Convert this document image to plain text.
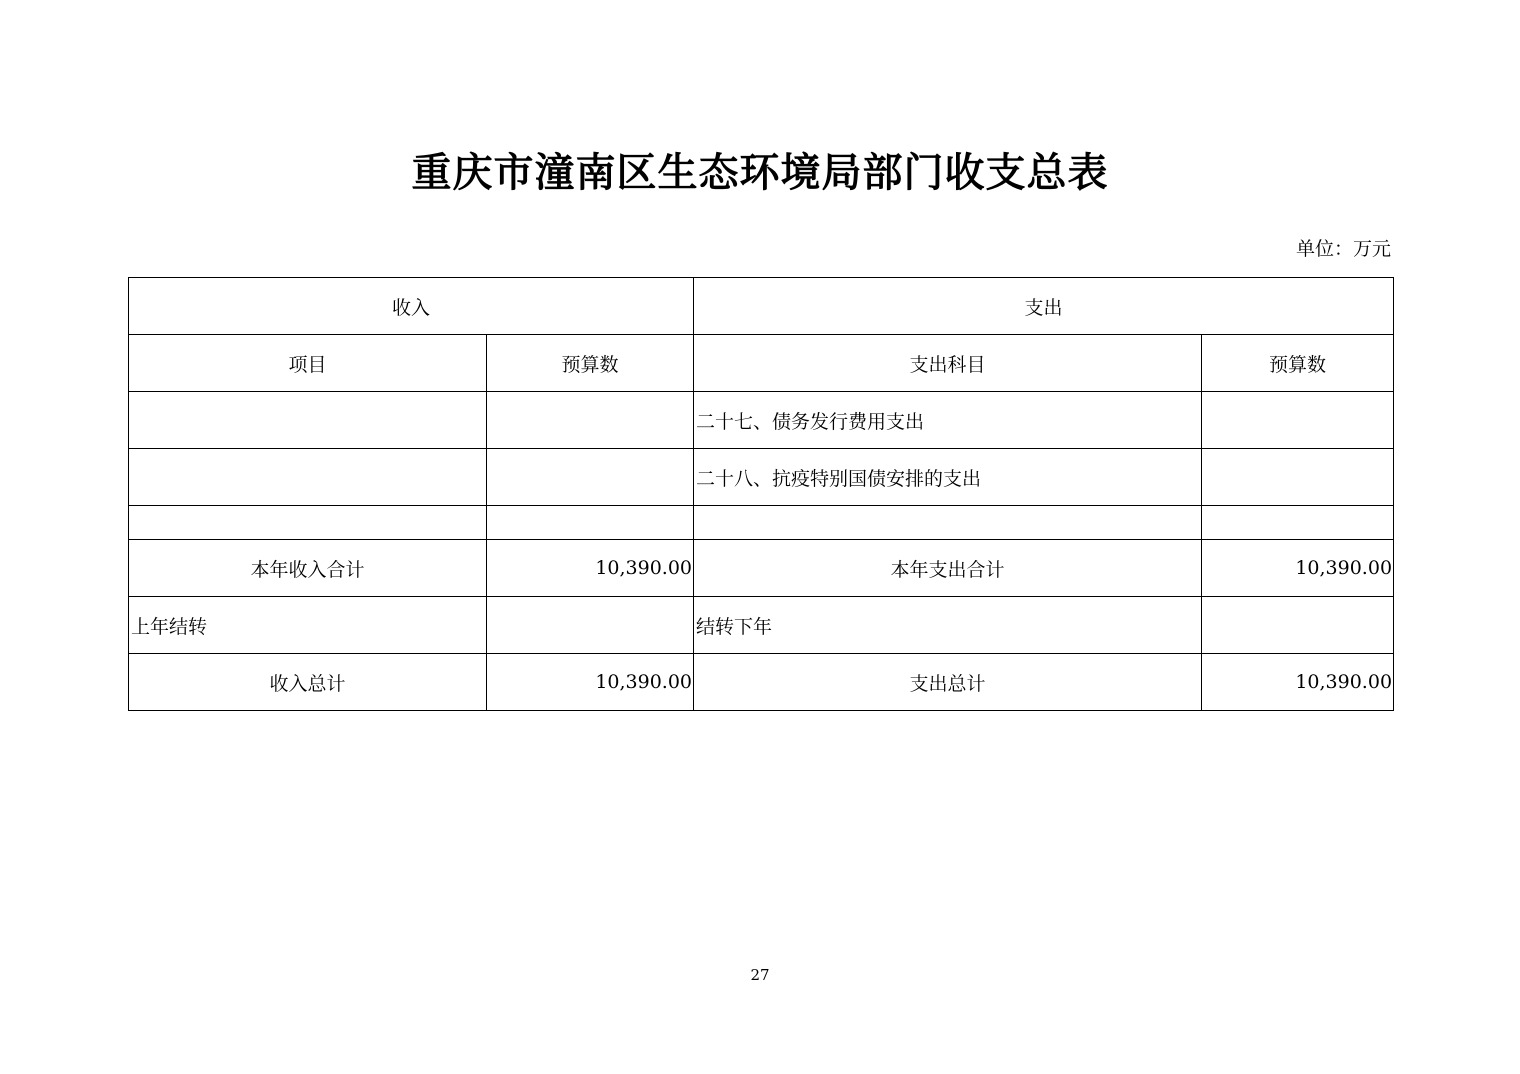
重庆市潼南区生态环境局部门收支总表
单位：万元
收入		支出	
项目	预算数	支出科目	预算数
		二十七、债务发行费用支出	
		二十八、抗疫特别国债安排的支出	

本年收入合计	10,390.00	本年支出合计	10,390.00
上年结转		结转下年	
收入总计	10,390.00	支出总计	10,390.00
27
